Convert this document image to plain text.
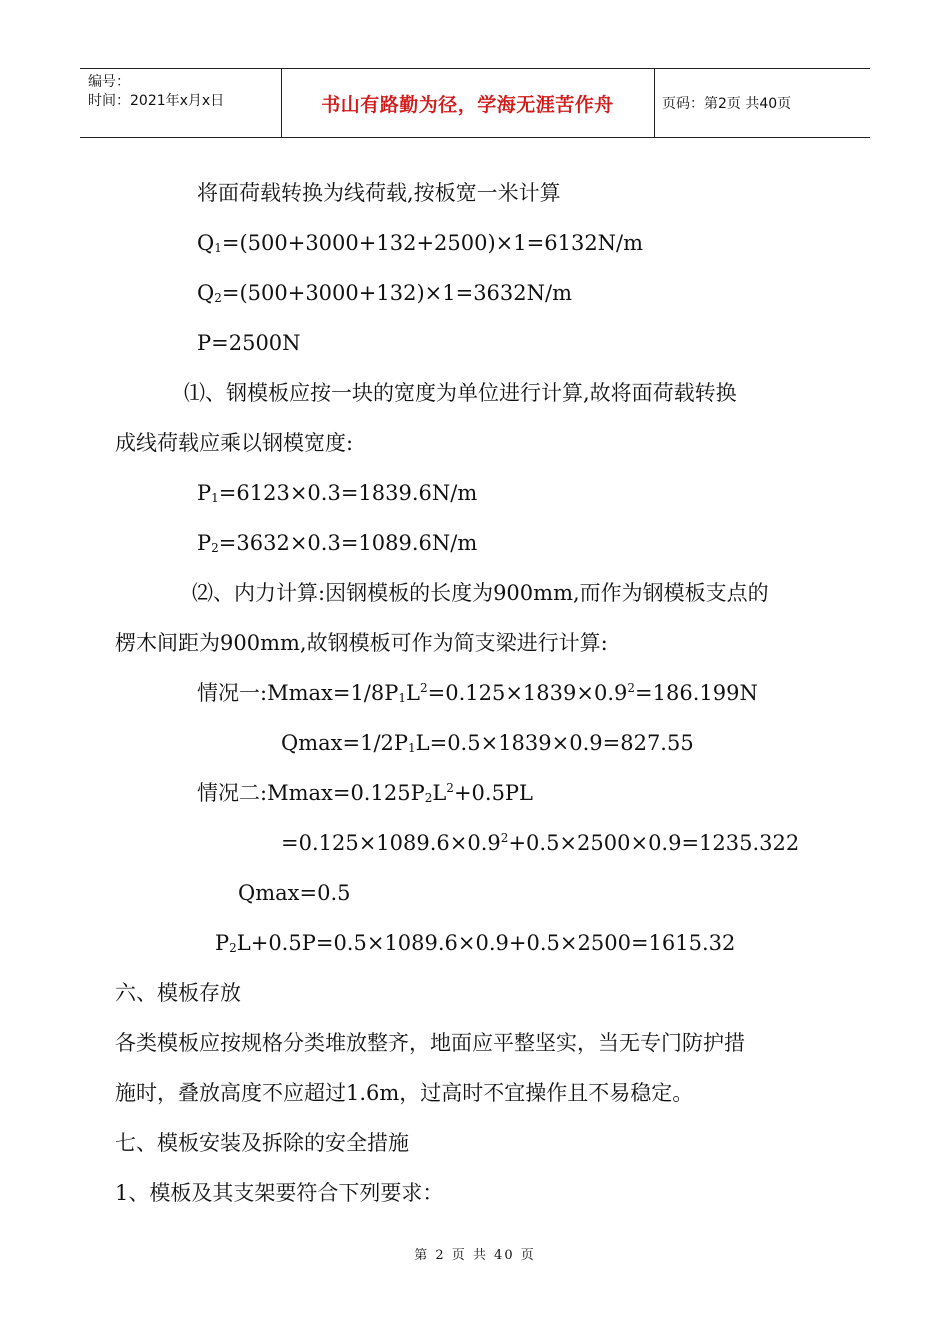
编号：
时间：2021年x月x日	书山有路勤为径，学海无涯苦作舟	页码：第2页 共40页
将面荷载转换为线荷载,按板宽一米计算
$Q_1=(500+3000+132+2500)\times 1=6132N/m$
$Q_2=(500+3000+132)\times 1=3632N/m$
P=2500N
⑴、钢模板应按一块的宽度为单位进行计算,故将面荷载转换
成线荷载应乘以钢模宽度:
$P_1=6123\times 0.3=1839.6N/m$
$P_2=3632\times 0.3=1089.6N/m$
⑵、内力计算:因钢模板的长度为900mm,而作为钢模板支点的
楞木间距为900mm,故钢模板可作为简支梁进行计算:
情况一$:Mmax=1/8P_1L^2=0.125\times 1839\times 0.9^2=186.199N$
$Qmax=1/2P_1L=0.5\times 1839\times 0.9=827.55$
情况二$:Mmax=0.125P_2L^2+0.5PL$
$=0.125\times 1089.6\times 0.9^2+0.5\times 2500\times 0.9=1235.322$
Qmax=0.5
$P_2L+0.5P=0.5\times 1089.6\times 0.9+0.5\times 2500=1615.32$
六、模板存放
各类模板应按规格分类堆放整齐，地面应平整坚实，当无专门防护措
施时，叠放高度不应超过1.6m，过高时不宜操作且不易稳定。
七、模板安装及拆除的安全措施
1、模板及其支架要符合下列要求：
第 2 页 共 40 页
